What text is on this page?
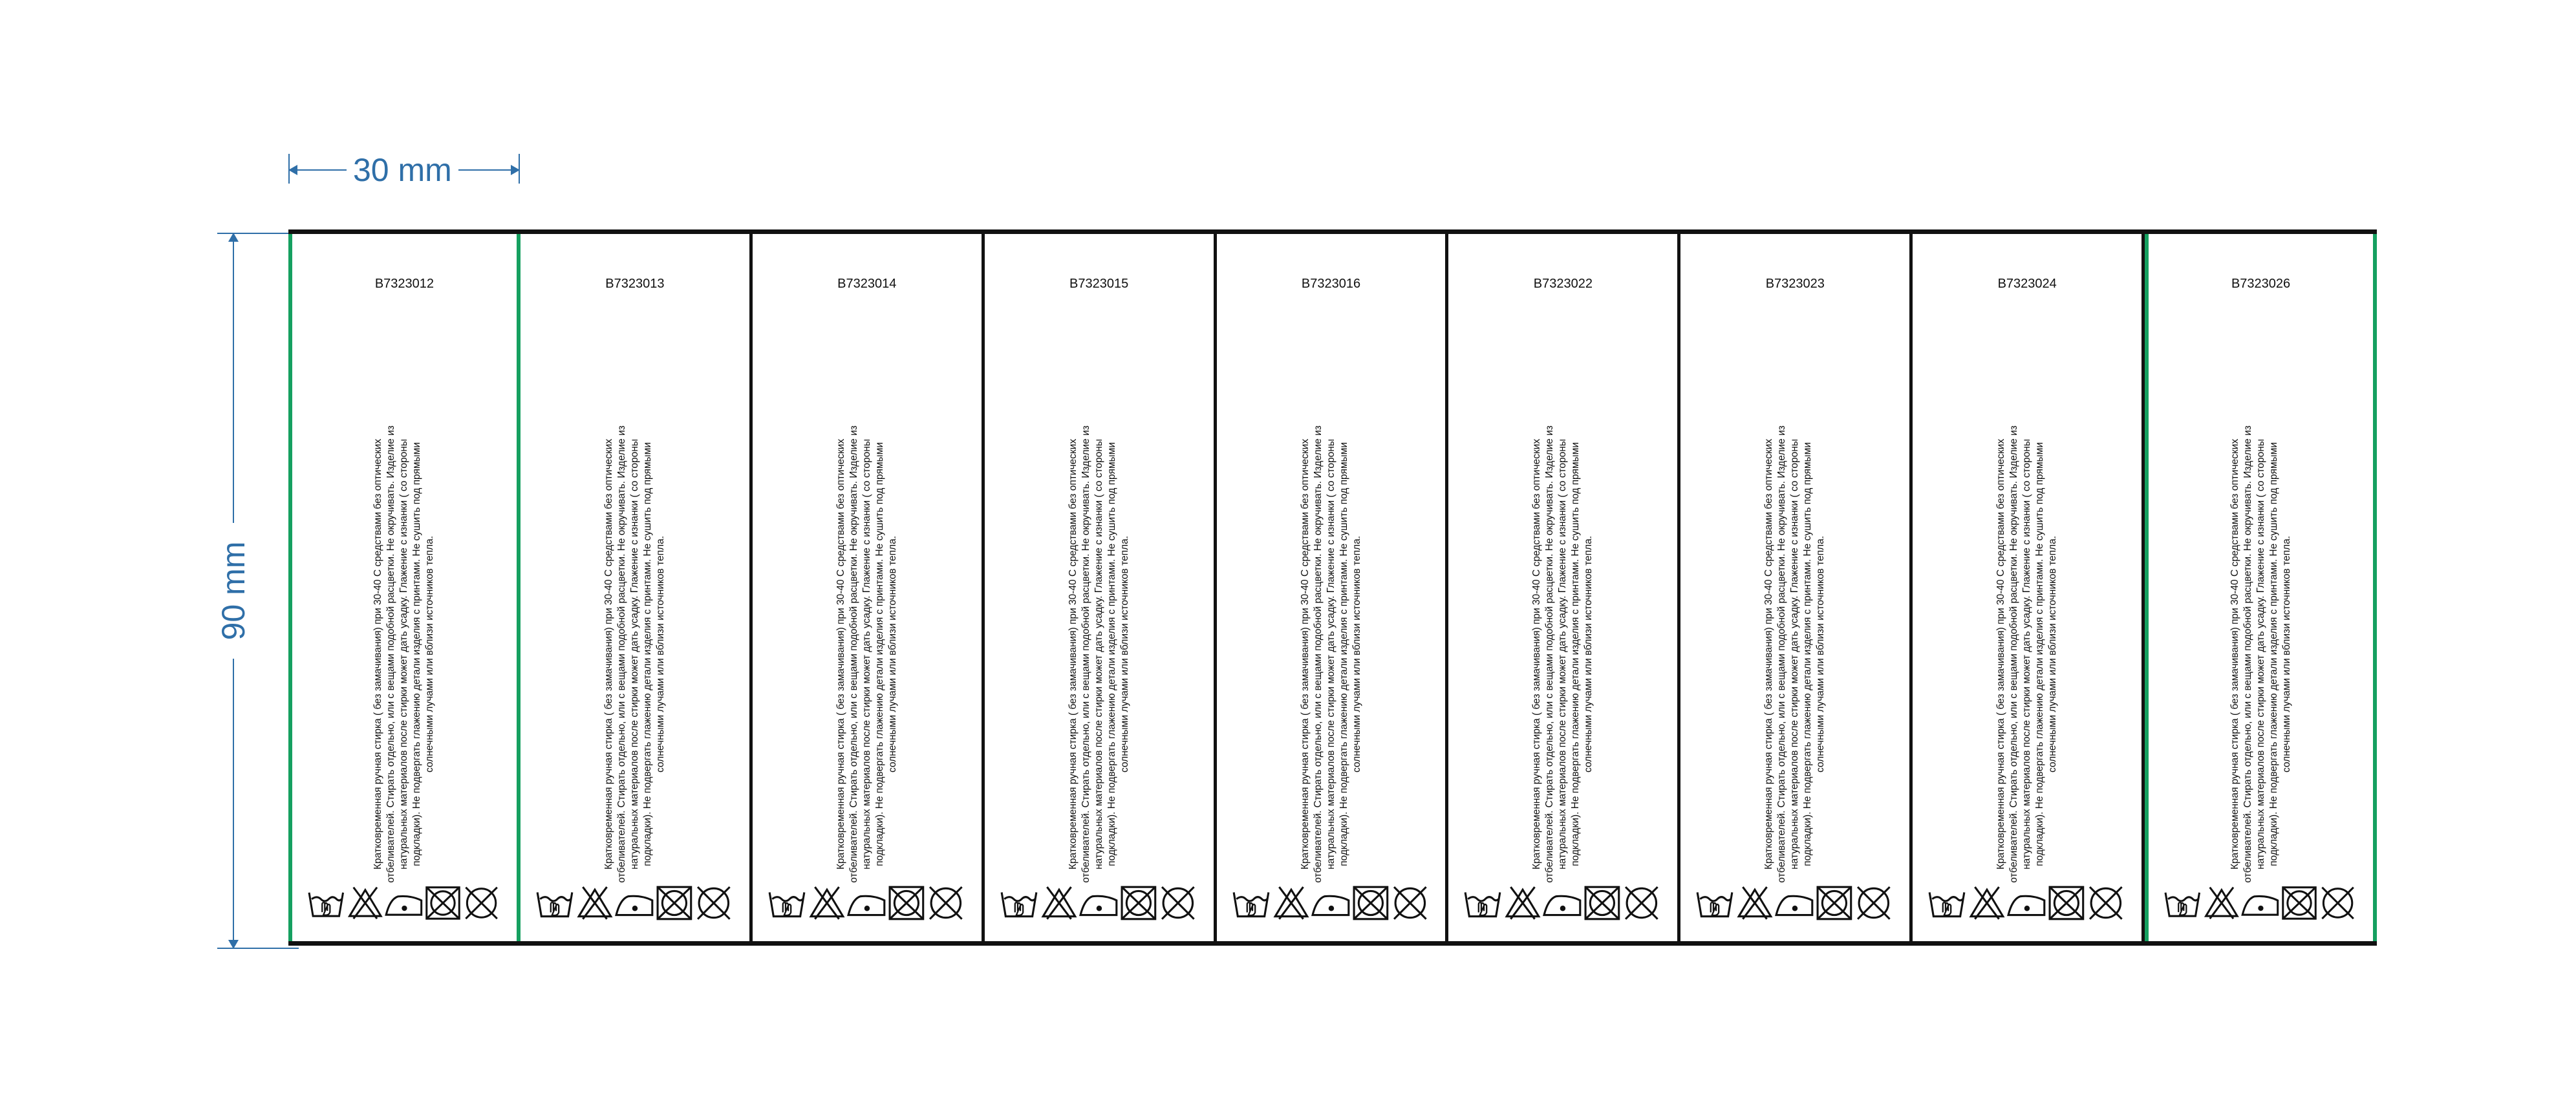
30 mm
90 mm
B7323012
Кратковременная ручная стирка ( без замачивания) при 30-40 С средствами без оптических отбеливателей. Стирать отдельно, или с вещами подобной расцветки. Не окручивать. Изделие из натуральных материалов после стирки может дать усадку. Глажение с изнанки ( со стороны подкладки). Не подвергать глажению детали изделия с принтами. Не сушить под прямыми солнечными лучами или вблизи источников тепла.
B7323013
Кратковременная ручная стирка ( без замачивания) при 30-40 С средствами без оптических отбеливателей. Стирать отдельно, или с вещами подобной расцветки. Не окручивать. Изделие из натуральных материалов после стирки может дать усадку. Глажение с изнанки ( со стороны подкладки). Не подвергать глажению детали изделия с принтами. Не сушить под прямыми солнечными лучами или вблизи источников тепла.
B7323014
Кратковременная ручная стирка ( без замачивания) при 30-40 С средствами без оптических отбеливателей. Стирать отдельно, или с вещами подобной расцветки. Не окручивать. Изделие из натуральных материалов после стирки может дать усадку. Глажение с изнанки ( со стороны подкладки). Не подвергать глажению детали изделия с принтами. Не сушить под прямыми солнечными лучами или вблизи источников тепла.
B7323015
Кратковременная ручная стирка ( без замачивания) при 30-40 С средствами без оптических отбеливателей. Стирать отдельно, или с вещами подобной расцветки. Не окручивать. Изделие из натуральных материалов после стирки может дать усадку. Глажение с изнанки ( со стороны подкладки). Не подвергать глажению детали изделия с принтами. Не сушить под прямыми солнечными лучами или вблизи источников тепла.
B7323016
Кратковременная ручная стирка ( без замачивания) при 30-40 С средствами без оптических отбеливателей. Стирать отдельно, или с вещами подобной расцветки. Не окручивать. Изделие из натуральных материалов после стирки может дать усадку. Глажение с изнанки ( со стороны подкладки). Не подвергать глажению детали изделия с принтами. Не сушить под прямыми солнечными лучами или вблизи источников тепла.
B7323022
Кратковременная ручная стирка ( без замачивания) при 30-40 С средствами без оптических отбеливателей. Стирать отдельно, или с вещами подобной расцветки. Не окручивать. Изделие из натуральных материалов после стирки может дать усадку. Глажение с изнанки ( со стороны подкладки). Не подвергать глажению детали изделия с принтами. Не сушить под прямыми солнечными лучами или вблизи источников тепла.
B7323023
Кратковременная ручная стирка ( без замачивания) при 30-40 С средствами без оптических отбеливателей. Стирать отдельно, или с вещами подобной расцветки. Не окручивать. Изделие из натуральных материалов после стирки может дать усадку. Глажение с изнанки ( со стороны подкладки). Не подвергать глажению детали изделия с принтами. Не сушить под прямыми солнечными лучами или вблизи источников тепла.
B7323024
Кратковременная ручная стирка ( без замачивания) при 30-40 С средствами без оптических отбеливателей. Стирать отдельно, или с вещами подобной расцветки. Не окручивать. Изделие из натуральных материалов после стирки может дать усадку. Глажение с изнанки ( со стороны подкладки). Не подвергать глажению детали изделия с принтами. Не сушить под прямыми солнечными лучами или вблизи источников тепла.
B7323026
Кратковременная ручная стирка ( без замачивания) при 30-40 С средствами без оптических отбеливателей. Стирать отдельно, или с вещами подобной расцветки. Не окручивать. Изделие из натуральных материалов после стирки может дать усадку. Глажение с изнанки ( со стороны подкладки). Не подвергать глажению детали изделия с принтами. Не сушить под прямыми солнечными лучами или вблизи источников тепла.
